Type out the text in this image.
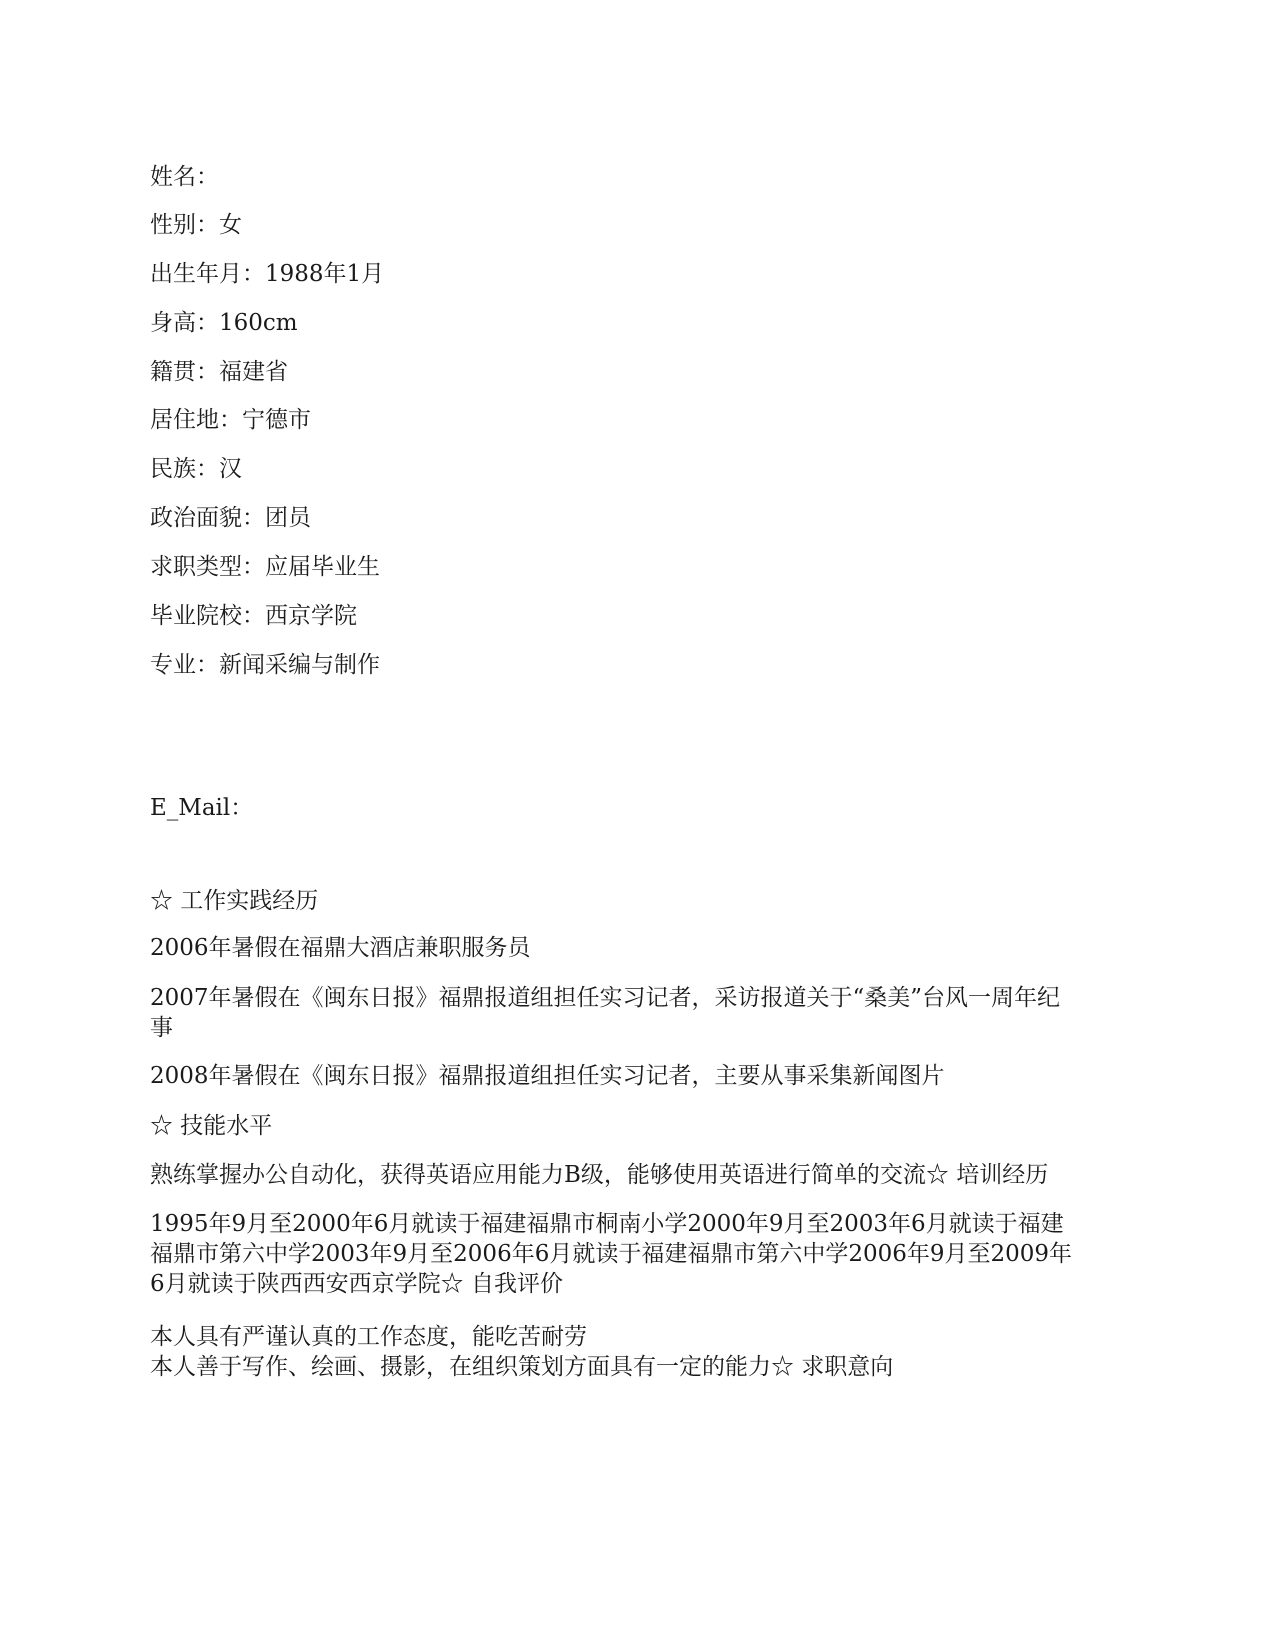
姓名：

性别：女

出生年月：1988年1月

身高：160cm

籍贯：福建省

居住地：宁德市

民族：汉

政治面貌：团员

求职类型：应届毕业生

毕业院校：西京学院

专业：新闻采编与制作

E_Mail：

☆ 工作实践经历

2006年暑假在福鼎大酒店兼职服务员

2007年暑假在《闽东日报》福鼎报道组担任实习记者，采访报道关于“桑美”台风一周年纪
事

2008年暑假在《闽东日报》福鼎报道组担任实习记者，主要从事采集新闻图片

☆ 技能水平

熟练掌握办公自动化，获得英语应用能力B级，能够使用英语进行简单的交流☆ 培训经历

1995年9月至2000年6月就读于福建福鼎市桐南小学2000年9月至2003年6月就读于福建
福鼎市第六中学2003年9月至2006年6月就读于福建福鼎市第六中学2006年9月至2009年
6月就读于陕西西安西京学院☆ 自我评价
本人具有严谨认真的工作态度，能吃苦耐劳
本人善于写作、绘画、摄影，在组织策划方面具有一定的能力☆ 求职意向
